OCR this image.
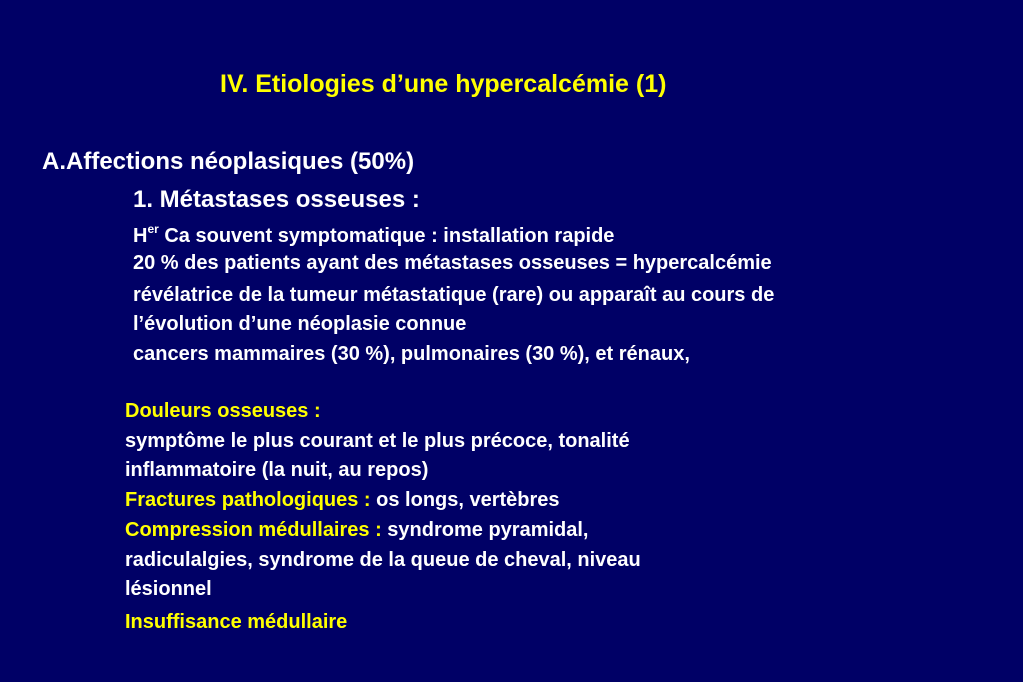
IV. Etiologies d’une hypercalcémie (1)
A.Affections néoplasiques (50%)
1. Métastases osseuses :
$H^{er}$ Ca souvent symptomatique : installation rapide
20 % des patients ayant des métastases osseuses = hypercalcémie
révélatrice de la tumeur métastatique (rare) ou apparaît au cours de
l’évolution d’une néoplasie connue
cancers mammaires (30 %), pulmonaires (30 %), et rénaux,
Douleurs osseuses :
symptôme le plus courant et le plus précoce, tonalité
inflammatoire (la nuit, au repos)
Fractures pathologiques : os longs, vertèbres
Compression médullaires : syndrome pyramidal,
radiculalgies, syndrome de la queue de cheval, niveau
lésionnel
Insuffisance médullaire
